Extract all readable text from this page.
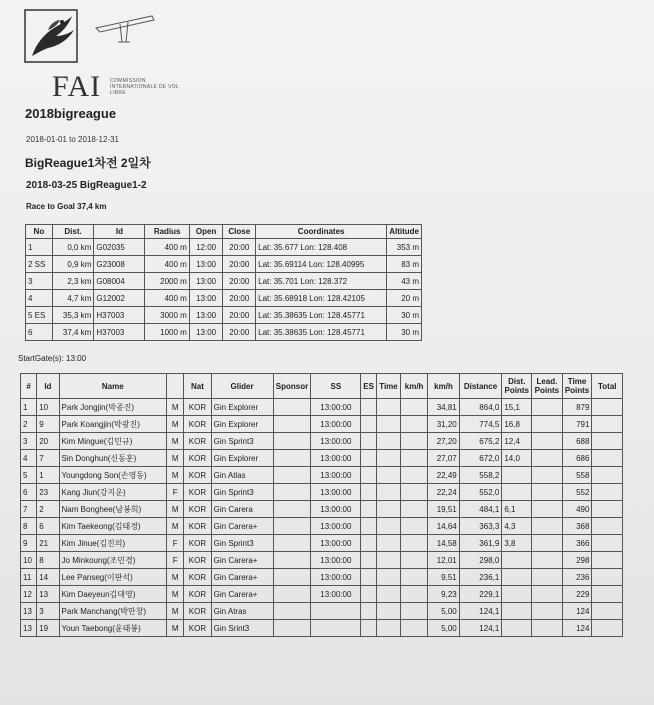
FAI COMMISSION INTERNATIONALE DE VOL LIBRE
2018bigreague
2018-01-01 to 2018-12-31
BigReague1차전 2일차
2018-03-25 BigReague1-2
Race to Goal 37,4 km
No	Dist.	Id	Radius	Open	Close	Coordinates	Altitude
1	0,0 km	G02035	400 m	12:00	20:00	Lat: 35.677 Lon: 128.408	353 m
2 SS	0,9 km	G23008	400 m	13:00	20:00	Lat: 35.69114 Lon: 128.40995	83 m
3	2,3 km	G08004	2000 m	13:00	20:00	Lat: 35.701 Lon: 128.372	43 m
4	4,7 km	G12002	400 m	13:00	20:00	Lat: 35.68918 Lon: 128.42105	20 m
5 ES	35,3 km	H37003	3000 m	13:00	20:00	Lat: 35.38635 Lon: 128.45771	30 m
6	37,4 km	H37003	1000 m	13:00	20:00	Lat: 35.38635 Lon: 128.45771	30 m
StartGate(s): 13:00
#	Id	Name		Nat	Glider	Sponsor	SS	ES	Time	km/h	km/h	Distance	Dist. Points	Lead. Points	Time Points	Total
1	10	Park Jongjin(박종진)	M	KOR	Gin Explorer		13:00:00				34,81	864,0	15,1		879	
2	9	Park Koangjin(박광진)	M	KOR	Gin Explorer		13:00:00				31,20	774,5	16,8		791	
3	20	Kim Mingue(김민규)	M	KOR	Gin Sprint3		13:00:00				27,20	675,2	12,4		688	
4	7	Sin Donghun(신동훈)	M	KOR	Gin Explorer		13:00:00				27,07	672,0	14,0		686	
5	1	Youngdong Son(손영동)	M	KOR	Gin Atlas		13:00:00				22,49	558,2			558	
6	23	Kang Jiun(강지운)	F	KOR	Gin Sprint3		13:00:00				22,24	552,0			552	
7	2	Nam Bonghee(남봉희)	M	KOR	Gin Carera		13:00:00				19,51	484,1	6,1		490	
8	6	Kim Taekeong(김태경)	M	KOR	Gin Carera+		13:00:00				14,64	363,3	4,3		368	
9	21	Kim Jinue(김진의)	F	KOR	Gin Sprint3		13:00:00				14,58	361,9	3,8		366	
10	8	Jo Minkoung(조민경)	F	KOR	Gin Carera+		13:00:00				12,01	298,0			298	
11	14	Lee Panseg(이판석)	M	KOR	Gin Carera+		13:00:00				9,51	236,1			236	
12	13	Kim Daeyeun김대영)	M	KOR	Gin Carera+		13:00:00				9,23	229,1			229	
13	3	Park Manchang(박만창)	M	KOR	Gin Atras						5,00	124,1			124	
13	19	Youn Taebong(윤태봉)	M	KOR	Gin Srint3						5,00	124,1			124	
